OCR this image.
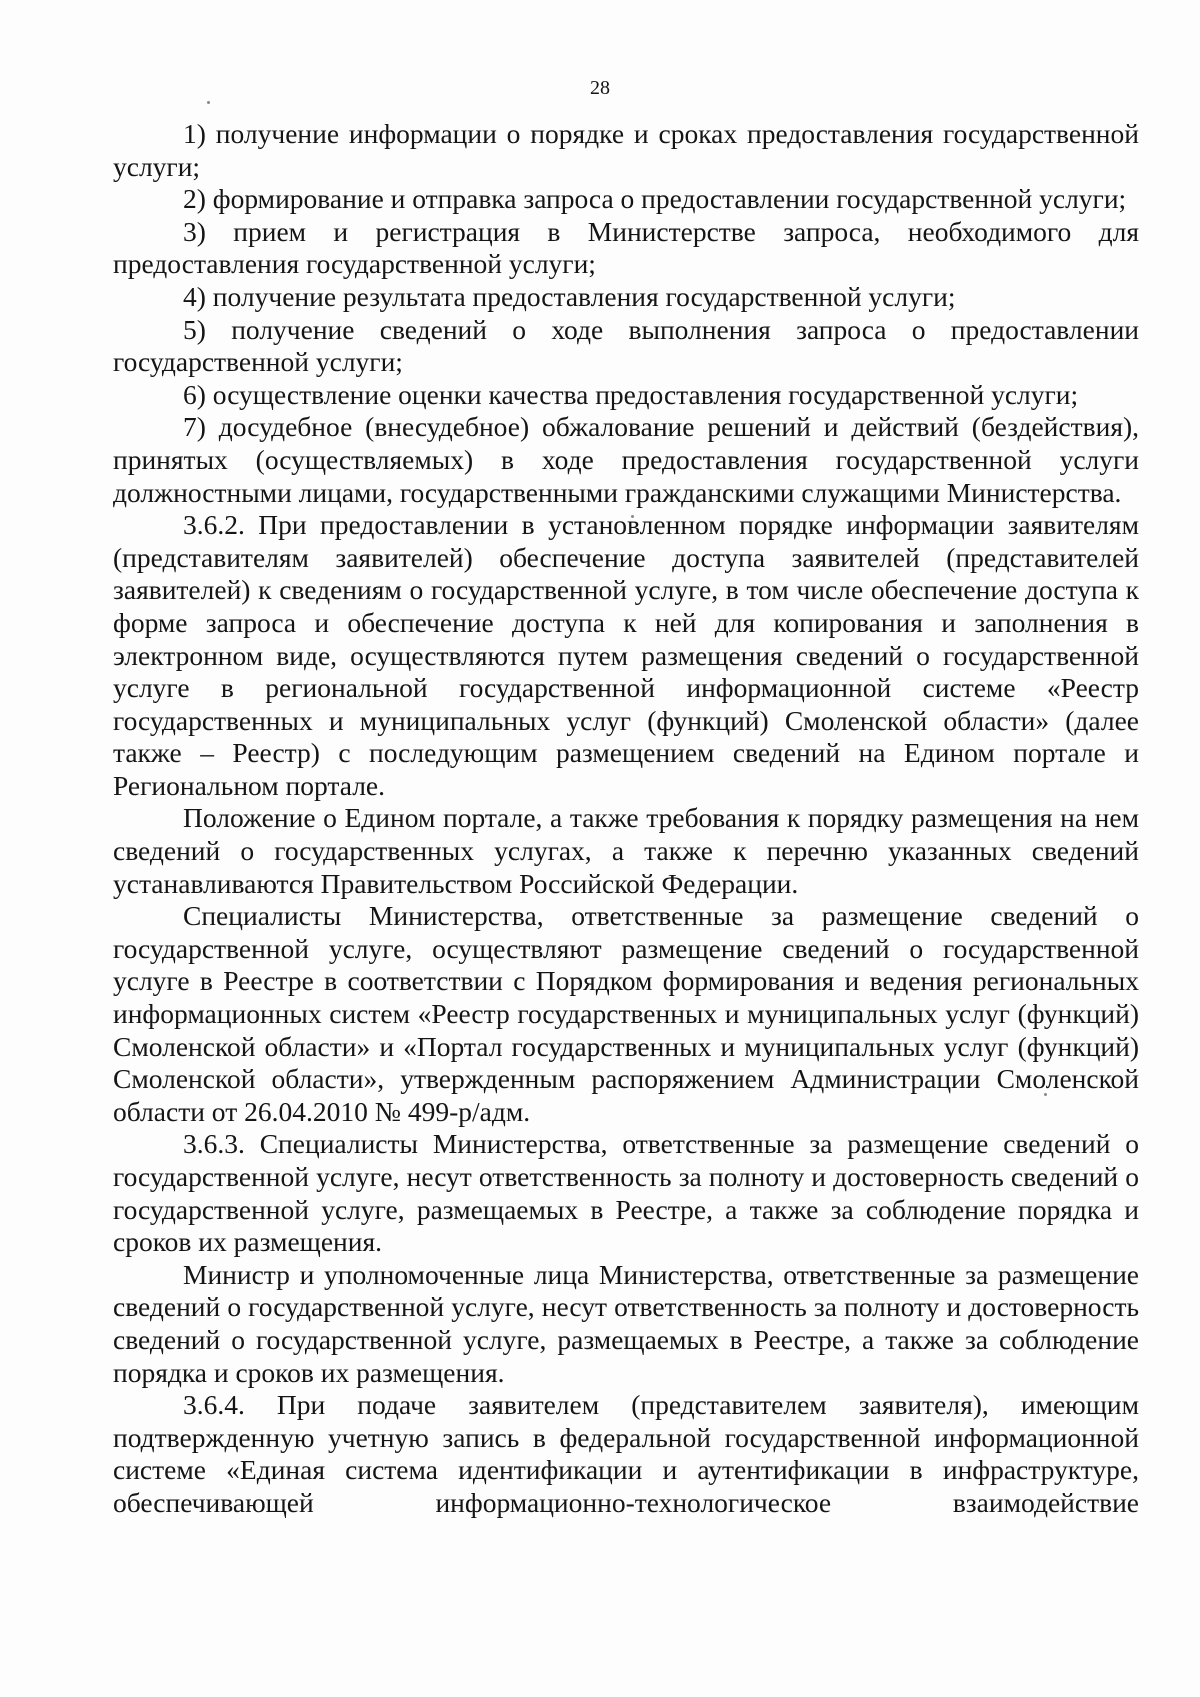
28

1) получение информации о порядке и сроках предоставления государственной услуги;

2) формирование и отправка запроса о предоставлении государственной услуги;

3) прием и регистрация в Министерстве запроса, необходимого для предоставления государственной услуги;

4) получение результата предоставления государственной услуги;

5) получение сведений о ходе выполнения запроса о предоставлении государственной услуги;

6) осуществление оценки качества предоставления государственной услуги;

7) досудебное (внесудебное) обжалование решений и действий (бездействия), принятых (осуществляемых) в ходе предоставления государственной услуги должностными лицами, государственными гражданскими служащими Министерства.

3.6.2. При предоставлении в установленном порядке информации заявителям (представителям заявителей) обеспечение доступа заявителей (представителей заявителей) к сведениям о государственной услуге, в том числе обеспечение доступа к форме запроса и обеспечение доступа к ней для копирования и заполнения в электронном виде, осуществляются путем размещения сведений о государственной услуге в региональной государственной информационной системе «Реестр государственных и муниципальных услуг (функций) Смоленской области» (далее также – Реестр) с последующим размещением сведений на Едином портале и Региональном портале.

Положение о Едином портале, а также требования к порядку размещения на нем сведений о государственных услугах, а также к перечню указанных сведений устанавливаются Правительством Российской Федерации.

Специалисты Министерства, ответственные за размещение сведений о государственной услуге, осуществляют размещение сведений о государственной услуге в Реестре в соответствии с Порядком формирования и ведения региональных информационных систем «Реестр государственных и муниципальных услуг (функций) Смоленской области» и «Портал государственных и муниципальных услуг (функций) Смоленской области», утвержденным распоряжением Администрации Смоленской области от 26.04.2010 № 499-р/адм.

3.6.3. Специалисты Министерства, ответственные за размещение сведений о государственной услуге, несут ответственность за полноту и достоверность сведений о государственной услуге, размещаемых в Реестре, а также за соблюдение порядка и сроков их размещения.

Министр и уполномоченные лица Министерства, ответственные за размещение сведений о государственной услуге, несут ответственность за полноту и достоверность сведений о государственной услуге, размещаемых в Реестре, а также за соблюдение порядка и сроков их размещения.

3.6.4. При подаче заявителем (представителем заявителя), имеющим подтвержденную учетную запись в федеральной государственной информационной системе «Единая система идентификации и аутентификации в инфраструктуре, обеспечивающей информационно-технологическое взаимодействие
